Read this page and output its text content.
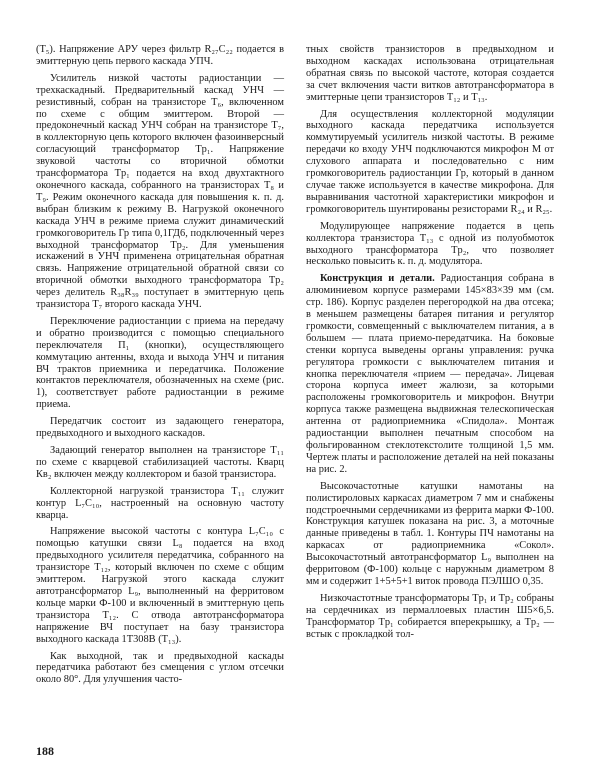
(T₅). Напряжение АРУ через фильтр R₂₇C₂₂ подается в эмиттерную цепь первого каскада УПЧ.

Усилитель низкой частоты радиостанции — трехкаскадный. Предварительный каскад УНЧ — резистивный, собран на транзисторе T₆, включенном по схеме с общим эмиттером. Второй — предоконечный каскад УНЧ собран на транзисторе T₇, в коллекторную цепь которого включен фазоинверсный согласующий трансформатор Tp₁. Напряжение звуковой частоты со вторичной обмотки трансформатора Tp₁ подается на вход двухтактного оконечного каскада, собранного на транзисторах T₈ и T₉. Режим оконечного каскада для повышения к. п. д. выбран близким к режиму В. Нагрузкой оконечного каскада УНЧ в режиме приема служит динамический громкоговоритель Гр типа 0,1ГД6, подключенный через выходной трансформатор Tp₂. Для уменьшения искажений в УНЧ применена отрицательная обратная связь. Напряжение отрицательной обратной связи со вторичной обмотки выходного трансформатора Tp₂ через делитель R₃₈R₃₉ поступает в эмиттерную цепь транзистора T₇ второго каскада УНЧ.

Переключение радиостанции с приема на передачу и обратно производится с помощью специального переключателя П₁ (кнопки), осуществляющего коммутацию антенны, входа и выхода УНЧ и питания ВЧ трактов приемника и передатчика. Положение контактов переключателя, обозначенных на схеме (рис. 1), соответствует работе радиостанции в режиме приема.

Передатчик состоит из задающего генератора, предвыходного и выходного каскадов.

Задающий генератор выполнен на транзисторе T₁₁ по схеме с кварцевой стабилизацией частоты. Кварц Кв₂ включен между коллектором и базой транзистора.

Коллекторной нагрузкой транзистора T₁₁ служит контур L₇C₁₀, настроенный на основную частоту кварца.

Напряжение высокой частоты с контура L₇C₁₀ с помощью катушки связи L₈ подается на вход предвыходного усилителя передатчика, собранного на транзисторе T₁₂, который включен по схеме с общим эмиттером. Нагрузкой этого каскада служит автотрансформатор L₉, выполненный на ферритовом кольце марки Ф-100 и включенный в эмиттерную цепь транзистора T₁₂. С отвода автотрансформатора напряжение ВЧ поступает на базу транзистора выходного каскада 1Т308В (T₁₃).

Как выходной, так и предвыходной каскады передатчика работают без смещения с углом отсечки около 80°. Для улучшения часто-

тных свойств транзисторов в предвыходном и выходном каскадах использована отрицательная обратная связь по высокой частоте, которая создается за счет включения части витков автотрансформатора в эмиттерные цепи транзисторов T₁₂ и T₁₃.

Для осуществления коллекторной модуляции выходного каскада передатчика используется коммутируемый усилитель низкой частоты. В режиме передачи ко входу УНЧ подключаются микрофон М от слухового аппарата и последовательно с ним громкоговоритель радиостанции Гр, который в данном случае также используется в качестве микрофона. Для выравнивания частотной характеристики микрофон и громкоговоритель шунтированы резисторами R₂₄ и R₂₅.

Модулирующее напряжение подается в цепь коллектора транзистора T₁₃ с одной из полуобмоток выходного трансформатора Tp₂, что позволяет несколько повысить к. п. д. модулятора.

Конструкция и детали. Радиостанция собрана в алюминиевом корпусе размерами 145×83×39 мм (см. стр. 186). Корпус разделен перегородкой на два отсека; в меньшем размещены батарея питания и регулятор громкости, совмещенный с выключателем питания, а в большем — плата приемо-передатчика. На боковые стенки корпуса выведены органы управления: ручка регулятора громкости с выключателем питания и кнопка переключателя «прием — передача». Лицевая сторона корпуса имеет жалюзи, за которыми расположены громкоговоритель и микрофон. Внутри корпуса также размещена выдвижная телескопическая антенна от радиоприемника «Спидола». Монтаж радиостанции выполнен печатным способом на фольгированном стеклотекстолите толщиной 1,5 мм. Чертеж платы и расположение деталей на ней показаны на рис. 2.

Высокочастотные катушки намотаны на полистироловых каркасах диаметром 7 мм и снабжены подстроечными сердечниками из феррита марки Ф-100. Конструкция катушек показана на рис. 3, а моточные данные приведены в табл. 1. Контуры ПЧ намотаны на каркасах от радиоприемника «Сокол». Высокочастотный автотрансформатор L₉ выполнен на ферритовом (Ф-100) кольце с наружным диаметром 8 мм и содержит 1+5+5+1 виток провода ПЭЛШО 0,35.

Низкочастотные трансформаторы Tp₁ и Tp₂ собраны на сердечниках из пермаллоевых пластин Ш5×6,5. Трансформатор Tp₁ собирается вперекрышку, а Tp₂ — встык с прокладкой тол-

188
